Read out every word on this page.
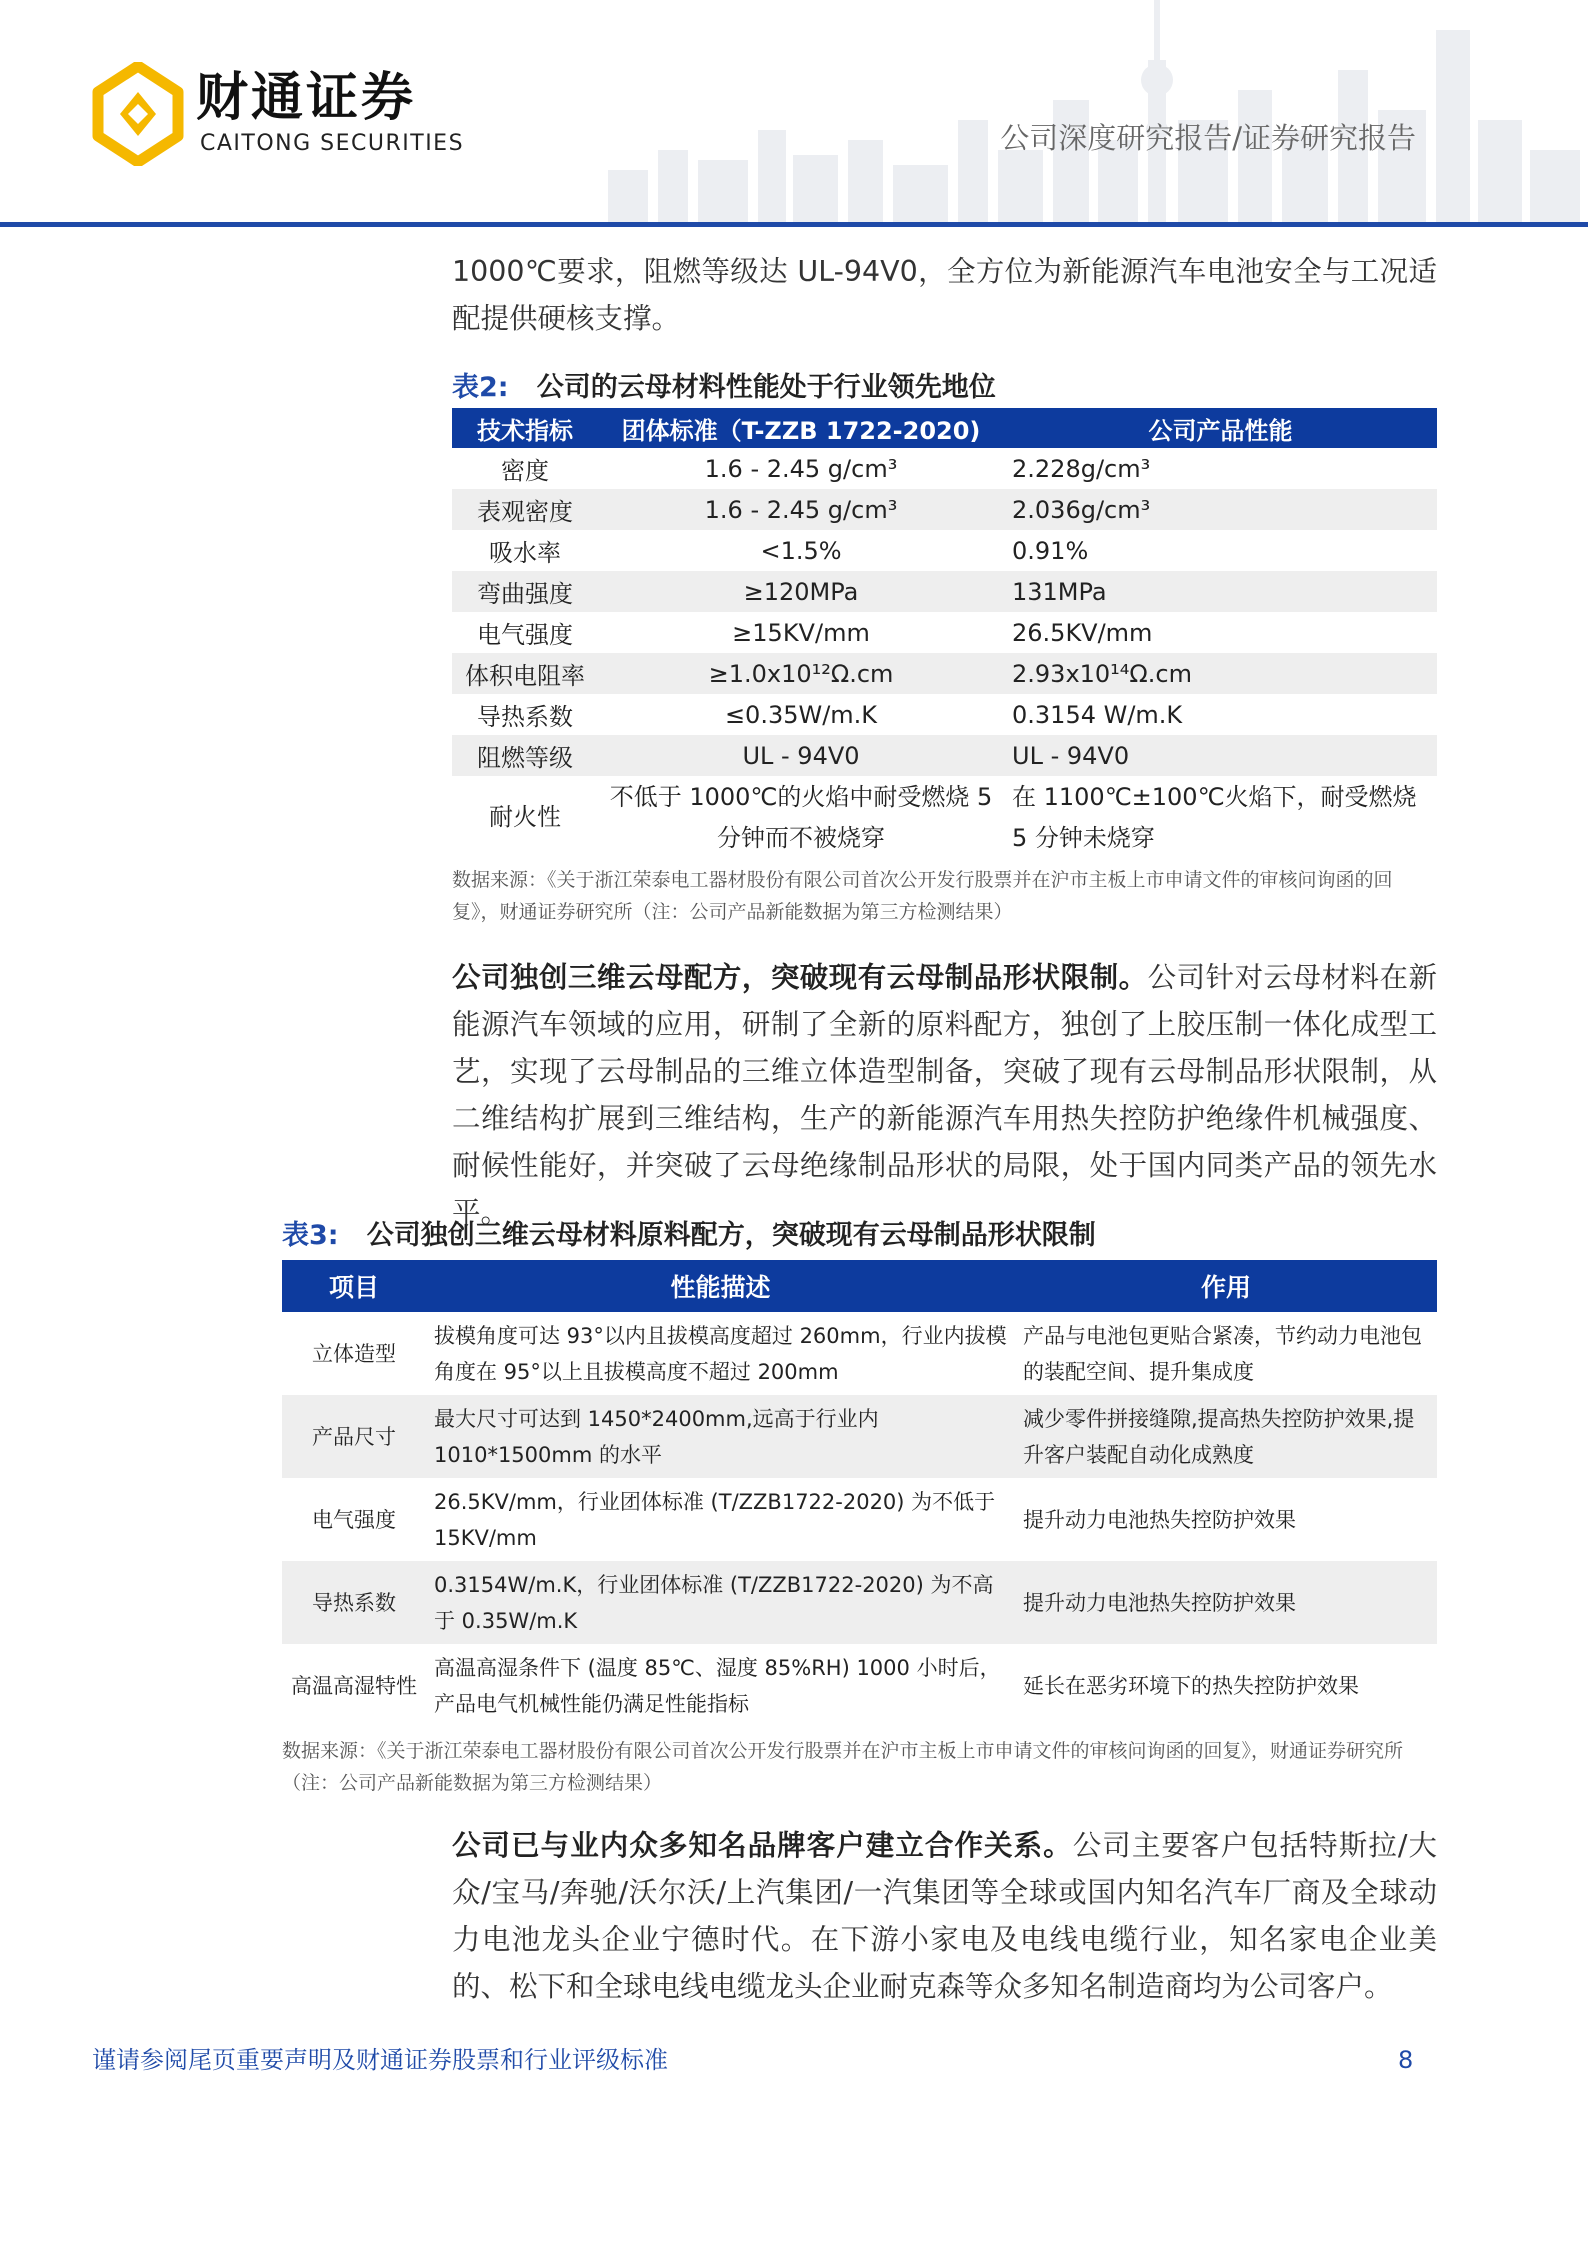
财通证券
CAITONG SECURITIES	公司深度研究报告/证券研究报告

1000℃要求，阻燃等级达 UL-94V0，全方位为新能源汽车电池安全与工况适配提供硬核支撑。

表2: 公司的云母材料性能处于行业领先地位
技术指标	团体标准（T-ZZB 1722-2020)	公司产品性能
密度	1.6 - 2.45 g/cm³	2.228g/cm³
表观密度	1.6 - 2.45 g/cm³	2.036g/cm³
吸水率	<1.5%	0.91%
弯曲强度	≥120MPa	131MPa
电气强度	≥15KV/mm	26.5KV/mm
体积电阻率	≥1.0x10¹²Ω.cm	2.93x10¹⁴Ω.cm
导热系数	≤0.35W/m.K	0.3154 W/m.K
阻燃等级	UL - 94V0	UL - 94V0
耐火性	不低于 1000℃的火焰中耐受燃烧 5 分钟而不被烧穿	在 1100℃±100℃火焰下，耐受燃烧 5 分钟未烧穿

数据来源：《关于浙江荣泰电工器材股份有限公司首次公开发行股票并在沪市主板上市申请文件的审核问询函的回复》，财通证券研究所（注：公司产品新能数据为第三方检测结果）

公司独创三维云母配方，突破现有云母制品形状限制。公司针对云母材料在新能源汽车领域的应用，研制了全新的原料配方，独创了上胶压制一体化成型工艺，实现了云母制品的三维立体造型制备，突破了现有云母制品形状限制，从二维结构扩展到三维结构，生产的新能源汽车用热失控防护绝缘件机械强度、耐候性能好，并突破了云母绝缘制品形状的局限，处于国内同类产品的领先水平。

表3: 公司独创三维云母材料原料配方，突破现有云母制品形状限制
项目	性能描述	作用
立体造型	拔模角度可达 93°以内且拔模高度超过 260mm，行业内拔模角度在 95°以上且拔模高度不超过 200mm	产品与电池包更贴合紧凑，节约动力电池包的装配空间、提升集成度
产品尺寸	最大尺寸可达到 1450*2400mm,远高于行业内 1010*1500mm 的水平	减少零件拼接缝隙,提高热失控防护效果,提升客户装配自动化成熟度
电气强度	26.5KV/mm，行业团体标准 (T/ZZB1722-2020) 为不低于 15KV/mm	提升动力电池热失控防护效果
导热系数	0.3154W/m.K，行业团体标准 (T/ZZB1722-2020) 为不高于 0.35W/m.K	提升动力电池热失控防护效果
高温高湿特性	高温高湿条件下 (温度 85℃、湿度 85%RH) 1000 小时后，产品电气机械性能仍满足性能指标	延长在恶劣环境下的热失控防护效果

数据来源：《关于浙江荣泰电工器材股份有限公司首次公开发行股票并在沪市主板上市申请文件的审核问询函的回复》，财通证券研究所（注：公司产品新能数据为第三方检测结果）

公司已与业内众多知名品牌客户建立合作关系。公司主要客户包括特斯拉/大众/宝马/奔驰/沃尔沃/上汽集团/一汽集团等全球或国内知名汽车厂商及全球动力电池龙头企业宁德时代。在下游小家电及电线电缆行业，知名家电企业美的、松下和全球电线电缆龙头企业耐克森等众多知名制造商均为公司客户。

谨请参阅尾页重要声明及财通证券股票和行业评级标准	8
